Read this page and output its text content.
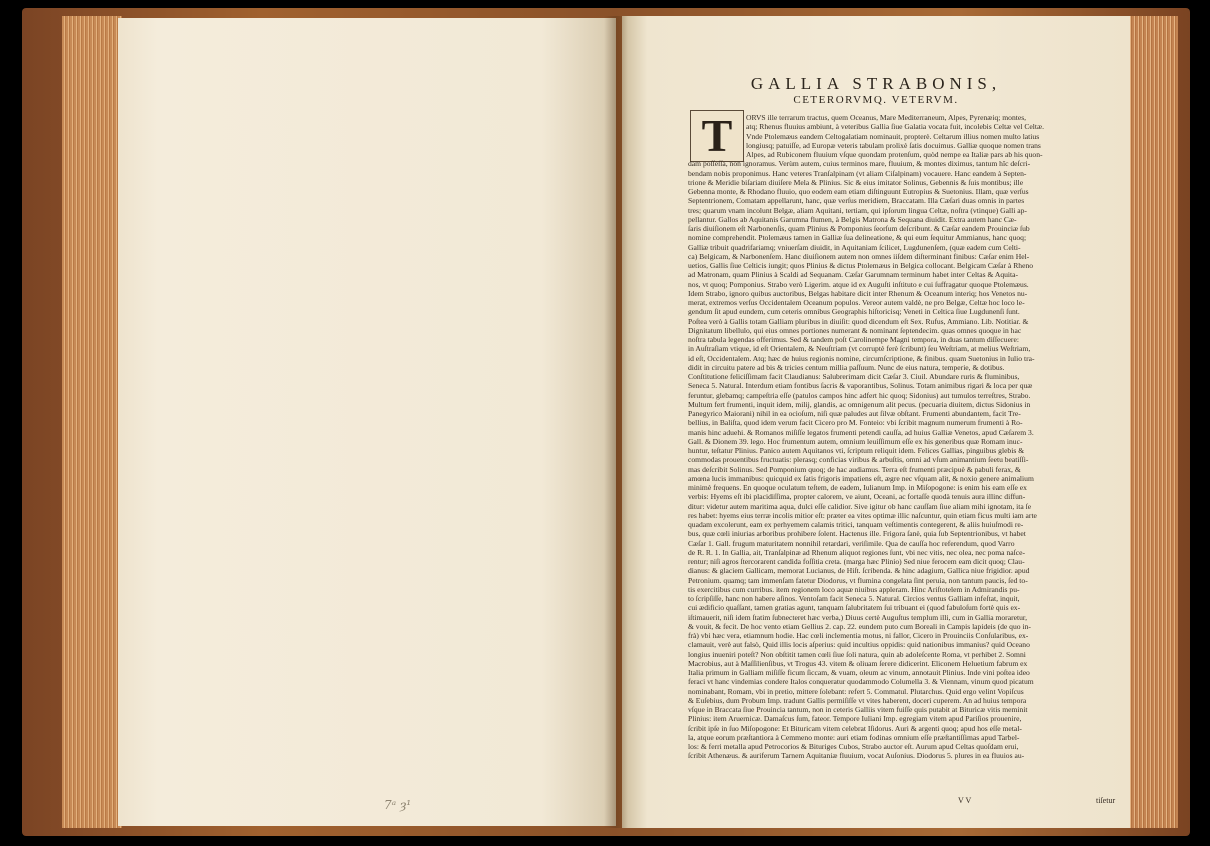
7ᵃ ȝ¹
GALLIA STRABONIS,
CETERORVMQ. VETERVM.
T	ORVS ille terrarum tractus, quem Oceanus, Mare Mediterraneum, Alpes, Pyrenæiq; montes,
atq; Rhenus fluuius ambiunt, à veteribus Gallia ſiue Galatia vocata fuit, incolebis Celtæ vel Celtæ.
Vnde Ptolemæus eandem Celtogalatiam nominauit, propterè. Celtarum illius nomen multo latius
longiusq; patuiſſe, ad Europæ veteris tabulam prolixè ſatis docuimus. Galliæ quoque nomen trans
Alpes, ad Rubiconem fluuium vſque quondam protenſum, quòd nempe ea Italiæ pars ab his quon-
dam poſſeſſa, non ignoramus. Verùm autem, cuius terminos mare, fluuium, & montes diximus, tantum hîc deſcri-
bendam nobis proponimus. Hanc veteres Tranſalpinam (vt aliam Ciſalpinam) vocauere. Hanc eandem à Septen-
trione & Meridie biſariam diuiſere Mela & Plinius. Sic & eius imitator Solinus, Gebennis & ſuis montibus; ille
Gebenna monte, & Rhodano fluuio, quo eodem eam etiam diſtinguunt Eutropius & Suetonius. Illam, quæ verſus
Septentrionem, Comatam appellarunt, hanc, quæ verſus meridiem, Braccatam. Illa Cæſari duas omnis in partes
tres; quarum vnam incolunt Belgæ, aliam Aquitani, tertiam, qui ipſorum lingua Celtæ, noſtra (vtinque) Galli ap-
pellantur. Gallos ab Aquitanis Garumna flumen, à Belgis Matrona & Sequana diuidit. Extra autem hanc Cæ-
ſaris diuiſionem eſt Narbonenſis, quam Plinius & Pomponius ſeorſum deſcribunt. & Cæſar eandem Prouinciæ ſub
nomine comprehendit. Ptolemæus tamen in Galliæ ſua delineatione, & qui eum ſequitur Ammianus, hanc quoq;
Galliæ tribuit quadrifariamq; vniuerſam diuidit, in Aquitaniam ſcilicet, Lugdunenſem, (quæ eadem cum Celti-
ca) Belgicam, & Narbonenſem. Hanc diuiſionem autem non omnes iiſdem diſterminant finibus: Cæſar enim Hel-
uetios, Gallis ſiue Celticis iungit; quos Plinius & dictus Ptolemæus in Belgica collocant. Belgicam Cæſar à Rheno
ad Matronam, quam Plinius à Scaldi ad Sequanam. Cæſar Garumnam terminum habet inter Celtas & Aquita-
nos, vt quoq; Pomponius. Strabo verò Ligerim. atque id ex Auguſti inſtituto e cui ſuffragatur quoque Ptolemæus.
Idem Strabo, ignoro quibus auctoribus, Belgas habitare dicit inter Rhenum & Oceanum interiq; hos Venetos nu-
merat, extremos verſus Occidentalem Oceanum populos. Vereor autem valdè, ne pro Belgæ, Celtæ hoc loco le-
gendum ſit apud eundem, cum ceteris omnibus Geographis hiſtoricisq; Veneti in Celtica ſiue Lugdunenſi ſunt.
Poſtea verò à Gallis totam Galliam pluribus in diuiſit: quod dicendum eſt Sex. Rufus, Ammiano. Lib. Notitiar. &
Dignitatum libellulo, qui eius omnes portiones numerant & nominant ſeptendecim. quas omnes quoque in hac
noſtra tabula legendas offerimus. Sed & tandem poſt Carolinempe Magni tempora, in duas tantum diſſecuere:
in Auſtraſiam vtique, id eſt Orientalem, & Neuſtriam (vt corruptè ferè ſcribunt) ſeu Weſtriam, at melius Weſtriam,
id eſt, Occidentalem. Atq; hæc de huius regionis nomine, circumſcriptione, & finibus. quam Suetonius in Iulio tra-
didit in circuitu patere ad bis & tricies centum millia paſſuum. Nunc de eius natura, temperie, & dotibus.
Conſtitutione feliciſſimam facit Claudianus: Salubrerimam dicit Cæſar 3. Ciuil. Abundare ruris & fluminibus,
Seneca 5. Natural. Interdum etiam fontibus ſacris & vaporantibus, Solinus. Totam animibus rigari & loca per quæ
feruntur, glebamq; campeſtria eſſe (patulos campos hinc adfert hic quoq; Sidonius) aut tumulos terreſtres, Strabo.
Multum fert frumenti, inquit idem, milij, glandis, ac omnigenum alit pecus. (pecuaria diuitem, dictus Sidonius in
Panegyrico Maiorani) nihil in ea ocioſum, niſi quæ paludes aut ſilvæ obſtant. Frumenti abundantem, facit Tre-
bellius, in Baliſta, quod idem verum facit Cicero pro M. Fonteio: vbi ſcribit magnum numerum frumenti à Ro-
manis hinc aduehi. & Romanos miſiſſe legatos frumenti petendi cauſſa, ad huius Galliæ Venetos, apud Cæſarem 3.
Gall. & Dionem 39. lego. Hoc frumentum autem, omnium leuiſſimum eſſe ex his generibus quæ Romam inuc-
huntur, teſtatur Plinius. Panico autem Aquitanos vti, ſcriptum reliquit idem. Felices Gallias, pinguibus glebis &
commodas prouentibus fructuatis: plerasq; conficias viribus & arbuſtis, omni ad vſum animantium ſeetu beatiſſi-
mas deſcribit Solinus. Sed Pomponium quoq; de hac audiamus. Terra eſt frumenti præcipuè & pabuli ferax, &
amœna lucis immanibus: quicquid ex ſatis frigoris impatiens eſt, ægre nec vſquam alit, & noxio genere animalium
minimè frequens. En quoque oculatum teſtem, de eadem, Iulianum Imp. in Miſopogone: is enim his eam eſſe ex
verbis: Hyems eſt ibi placidiſſima, propter calorem, ve aiunt, Oceani, ac fortaſſe quodà tenuis aura illinc diffun-
ditur: videtur autem maritima aqua, dulci eſſe calidior. Sive igitur ob hanc cauſſam ſiue aliam mihi ignotam, ita ſe
res habet: hyems eius terræ incolis mitior eſt: præter ea vites optimæ illic naſcuntur, quin etiam ficus multi iam arte
quadam excolerunt, eam ex perhyemem calamis tritici, tanquam veſtimentis contegerent, & aliis huiuſmodi re-
bus, quæ cœli iniurias arboribus prohibere ſolent. Hactenus ille. Frigora ſanè, quia ſub Septentrionibus, vt habet
Cæſar 1. Gall. frugum maturitatem nonnihil retardari, veriſimile. Qua de cauſſa hoc referendum, quod Varro
de R. R. 1. In Gallia, ait, Tranſalpinæ ad Rhenum aliquot regiones ſunt, vbi nec vitis, nec olea, nec poma naſce-
rentur; niſi agros ſtercorarent candida foſſitia creta. (marga hæc Plinio) Sed niue ferocem eam dicit quoq; Clau-
dianus: & glaciem Gallicam, memorat Lucianus, de Hiſt. ſcribenda. & hinc adagium, Gallica niue frigidior. apud
Petronium. quamq; tam immenſam fatetur Diodorus, vt flumina congelata ſint peruia, non tantum paucis, ſed to-
tis exercitibus cum curribus. item regionem loco aquæ niuibus appleram. Hinc Ariſtotelem in Admirandis pu-
to ſcripſiſſe, hanc non habere aſinos. Ventoſam facit Seneca 5. Natural. Circios ventus Galliam infeſtat, inquit,
cui ædificio quaſſant, tamen gratias agunt, tanquam ſalubritatem ſui tribuant ei (quod fabuloſum fortè quis ex-
iſtimauerit, niſi idem ſtatim ſubnecteret hæc verba,) Diuus certè Auguſtus templum illi, cum in Gallia moraretur,
& vouit, & fecit. De hoc vento etiam Gellius 2. cap. 22. eundem puto cum Boreali in Campis lapideis (de quo in-
frà) vbi hæc vera, etiamnum hodie. Hac cœli inclementia motus, ni fallor, Cicero in Prouinciis Conſularibus, ex-
clamauit, verè aut falsò, Quid illis locis aſperius: quid incultius oppidis: quid nationibus immanius? quid Oceano
longius inueniri poteſt? Non obſtitit tamen cœli ſiue ſoli natura, quin ab adoleſcente Roma, vt perhibet 2. Somni
Macrobius, aut à Maſſilienſibus, vt Trogus 43. vitem & oliuam ſerere didicerint. Eliconem Heluetium fabrum ex
Italia primum in Galliam miſiſſe ficum ſiccam, & vuam, oleum ac vinum, annotauit Plinius. Inde vini poſtea ideo
feraci vt hanc vindemias condere Italos conqueratur quodammodo Columella 3. & Viennam, vinum quod picatum
nominabant, Romam, vbi in pretio, mittere ſolebant: refert 5. Commatul. Plutarchus. Quid ergo velint Vopiſcus
& Euſebius, dum Probum Imp. tradunt Gallis permiſiſſe vt vites haberent, doceri cuperem. An ad huius tempora
vſque in Braccata ſiue Prouincia tantum, non in ceteris Galliis vitem fuiſſe quis putabit at Bituricæ vitis meminit
Plinius: item Aruernicæ. Damaſcus ſum, fateor. Tempore Iuliani Imp. egregiam vitem apud Pariſios prouenire,
ſcribit ipſe in ſuo Miſopogone: Et Bituricam vitem celebrat Iſidorus. Auri & argenti quoq; apud hos eſſe metal-
la, atque eorum præſtantiora à Cemmeno monte: auri etiam fodinas omnium eſſe præſtantiſſimas apud Tarbel-
los: & ferri metalla apud Petrocorios & Bituriges Cubos, Strabo auctor eſt. Aurum apud Celtas quoſdam erui,
ſcribit Athenæus. & auriferum Tarnem Aquitaniæ fluuium, vocat Auſonius. Diodorus 5. plures in ea fluuios au-
V V	tiſetur
